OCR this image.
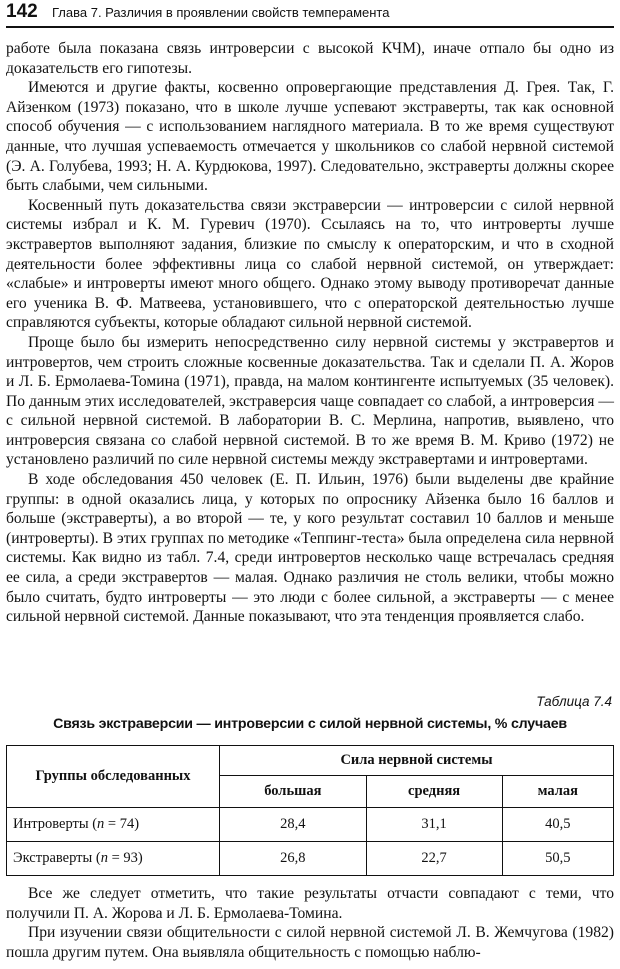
142 Глава 7. Различия в проявлении свойств темперамента

работе была показана связь интроверсии с высокой КЧМ), иначе отпало бы одно из доказательств его гипотезы.

Имеются и другие факты, косвенно опровергающие представления Д. Грея. Так, Г. Айзенком (1973) показано, что в школе лучше успевают экстраверты, так как основной способ обучения — с использованием наглядного материала. В то же время существуют данные, что лучшая успеваемость отмечается у школьников со слабой нервной системой (Э. А. Голубева, 1993; Н. А. Курдюкова, 1997). Следовательно, экстраверты должны скорее быть слабыми, чем сильными.

Косвенный путь доказательства связи экстраверсии — интроверсии с силой нервной системы избрал и К. М. Гуревич (1970). Ссылаясь на то, что интроверты лучше экстравертов выполняют задания, близкие по смыслу к операторским, и что в сходной деятельности более эффективны лица со слабой нервной системой, он утверждает: «слабые» и интроверты имеют много общего. Однако этому выводу противоречат данные его ученика В. Ф. Матвеева, установившего, что с операторской деятельностью лучше справляются субъекты, которые обладают сильной нервной системой.

Проще было бы измерить непосредственно силу нервной системы у экстравертов и интровертов, чем строить сложные косвенные доказательства. Так и сделали П. А. Жоров и Л. Б. Ермолаева-Томина (1971), правда, на малом контингенте испытуемых (35 человек). По данным этих исследователей, экстраверсия чаще совпадает со слабой, а интроверсия — с сильной нервной системой. В лаборатории В. С. Мерлина, напротив, выявлено, что интроверсия связана со слабой нервной системой. В то же время В. М. Криво (1972) не установлено различий по силе нервной системы между экстравертами и интровертами.

В ходе обследования 450 человек (Е. П. Ильин, 1976) были выделены две крайние группы: в одной оказались лица, у которых по опроснику Айзенка было 16 баллов и больше (экстраверты), а во второй — те, у кого результат составил 10 баллов и меньше (интроверты). В этих группах по методике «Теппинг-теста» была определена сила нервной системы. Как видно из табл. 7.4, среди интровертов несколько чаще встречалась средняя ее сила, а среди экстравертов — малая. Однако различия не столь велики, чтобы можно было считать, будто интроверты — это люди с более сильной, а экстраверты — с менее сильной нервной системой. Данные показывают, что эта тенденция проявляется слабо.

Таблица 7.4
Связь экстраверсии — интроверсии с силой нервной системы, % случаев
Группы обследованных	Сила нервной системы		
	большая	средняя	малая
Интроверты (n = 74)	28,4	31,1	40,5
Экстраверты (n = 93)	26,8	22,7	50,5

Все же следует отметить, что такие результаты отчасти совпадают с теми, что получили П. А. Жорова и Л. Б. Ермолаева-Томина.

При изучении связи общительности с силой нервной системой Л. В. Жемчугова (1982) пошла другим путем. Она выявляла общительность с помощью наблю-
